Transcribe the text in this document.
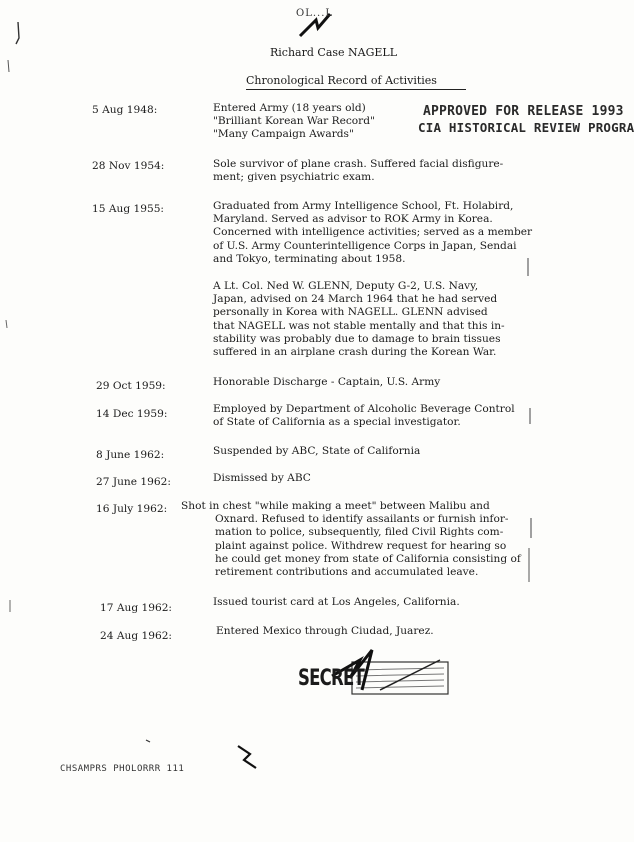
OL...L
Richard Case NAGELL
Chronological Record of Activities
APPROVED FOR RELEASE 1993
CIA HISTORICAL REVIEW PROGRA
5 Aug 1948:	Entered Army (18 years old)
"Brilliant Korean War Record"
"Many Campaign Awards"
28 Nov 1954:	Sole survivor of plane crash. Suffered facial disfigure-
ment; given psychiatric exam.
15 Aug 1955:	Graduated from Army Intelligence School, Ft. Holabird,
Maryland. Served as advisor to ROK Army in Korea.
Concerned with intelligence activities; served as a member
of U.S. Army Counterintelligence Corps in Japan, Sendai
and Tokyo, terminating about 1958.
A Lt. Col. Ned W. GLENN, Deputy G-2, U.S. Navy,
Japan, advised on 24 March 1964 that he had served
personally in Korea with NAGELL. GLENN advised
that NAGELL was not stable mentally and that this in-
stability was probably due to damage to brain tissues
suffered in an airplane crash during the Korean War.
29 Oct 1959:	Honorable Discharge - Captain, U.S. Army
14 Dec 1959:	Employed by Department of Alcoholic Beverage Control
of State of California as a special investigator.
8 June 1962:	Suspended by ABC, State of California
27 June 1962:	Dismissed by ABC
16 July 1962: Shot in chest "while making a meet" between Malibu and
Oxnard. Refused to identify assailants or furnish infor-
mation to police, subsequently, filed Civil Rights com-
plaint against police. Withdrew request for hearing so
he could get money from state of California consisting of
retirement contributions and accumulated leave.
17 Aug 1962:	Issued tourist card at Los Angeles, California.
24 Aug 1962:	Entered Mexico through Ciudad, Juarez.
SECRET
CHSAMPRS PHOLORRR 111
